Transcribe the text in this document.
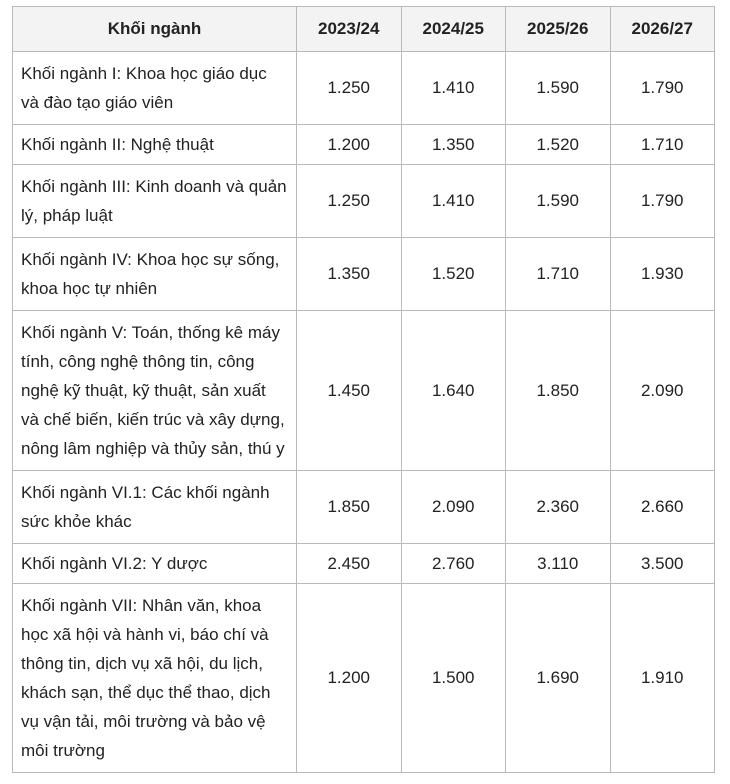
Khối ngành	2023/24	2024/25	2025/26	2026/27
Khối ngành I: Khoa học giáo dục và đào tạo giáo viên	1.250	1.410	1.590	1.790
Khối ngành II: Nghệ thuật	1.200	1.350	1.520	1.710
Khối ngành III: Kinh doanh và quản lý, pháp luật	1.250	1.410	1.590	1.790
Khối ngành IV: Khoa học sự sống, khoa học tự nhiên	1.350	1.520	1.710	1.930
Khối ngành V: Toán, thống kê máy tính, công nghệ thông tin, công nghệ kỹ thuật, kỹ thuật, sản xuất và chế biến, kiến trúc và xây dựng, nông lâm nghiệp và thủy sản, thú y	1.450	1.640	1.850	2.090
Khối ngành VI.1: Các khối ngành sức khỏe khác	1.850	2.090	2.360	2.660
Khối ngành VI.2: Y dược	2.450	2.760	3.110	3.500
Khối ngành VII: Nhân văn, khoa học xã hội và hành vi, báo chí và thông tin, dịch vụ xã hội, du lịch, khách sạn, thể dục thể thao, dịch vụ vận tải, môi trường và bảo vệ môi trường	1.200	1.500	1.690	1.910
